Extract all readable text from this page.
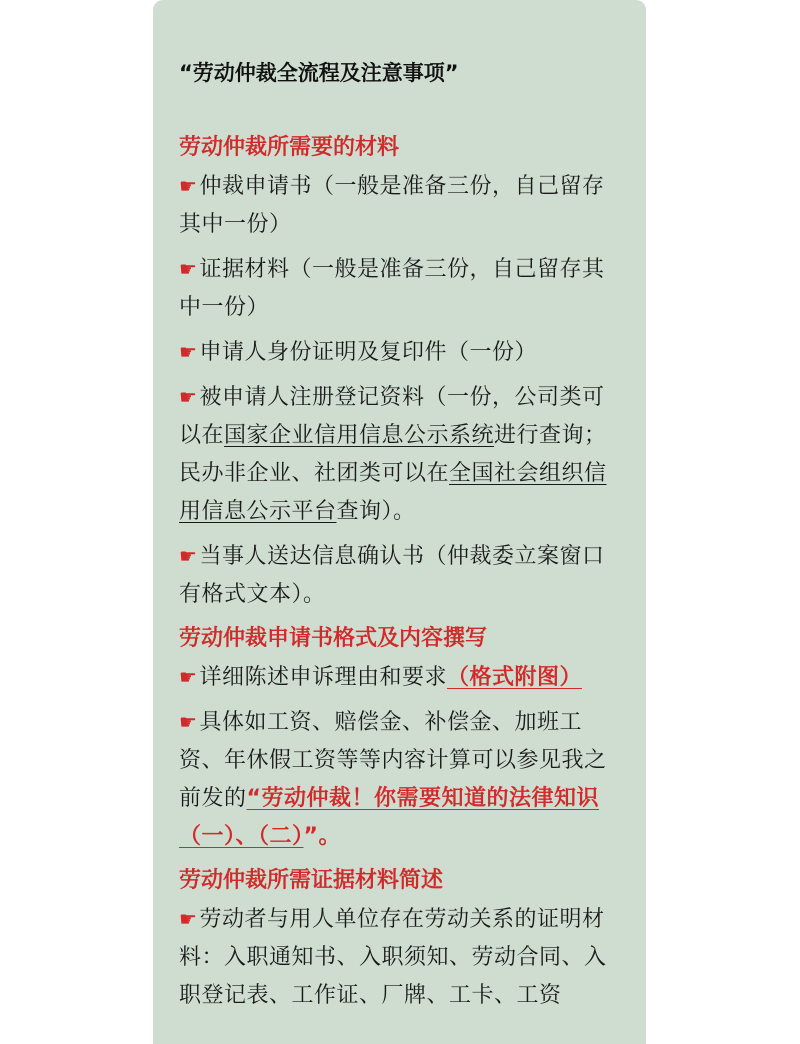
“劳动仲裁全流程及注意事项”
劳动仲裁所需要的材料
☛仲裁申请书（一般是准备三份，自己留存其中一份）
☛证据材料（一般是准备三份，自己留存其中一份）
☛申请人身份证明及复印件（一份）
☛被申请人注册登记资料（一份，公司类可以在国家企业信用信息公示系统进行查询；民办非企业、社团类可以在全国社会组织信用信息公示平台查询）。
☛当事人送达信息确认书（仲裁委立案窗口有格式文本）。
劳动仲裁申请书格式及内容撰写
☛详细陈述申诉理由和要求（格式附图）
☛具体如工资、赔偿金、补偿金、加班工资、年休假工资等等内容计算可以参见我之前发的“劳动仲裁！你需要知道的法律知识（一）、（二）”。
劳动仲裁所需证据材料简述
☛劳动者与用人单位存在劳动关系的证明材料：入职通知书、入职须知、劳动合同、入职登记表、工作证、厂牌、工卡、工资
